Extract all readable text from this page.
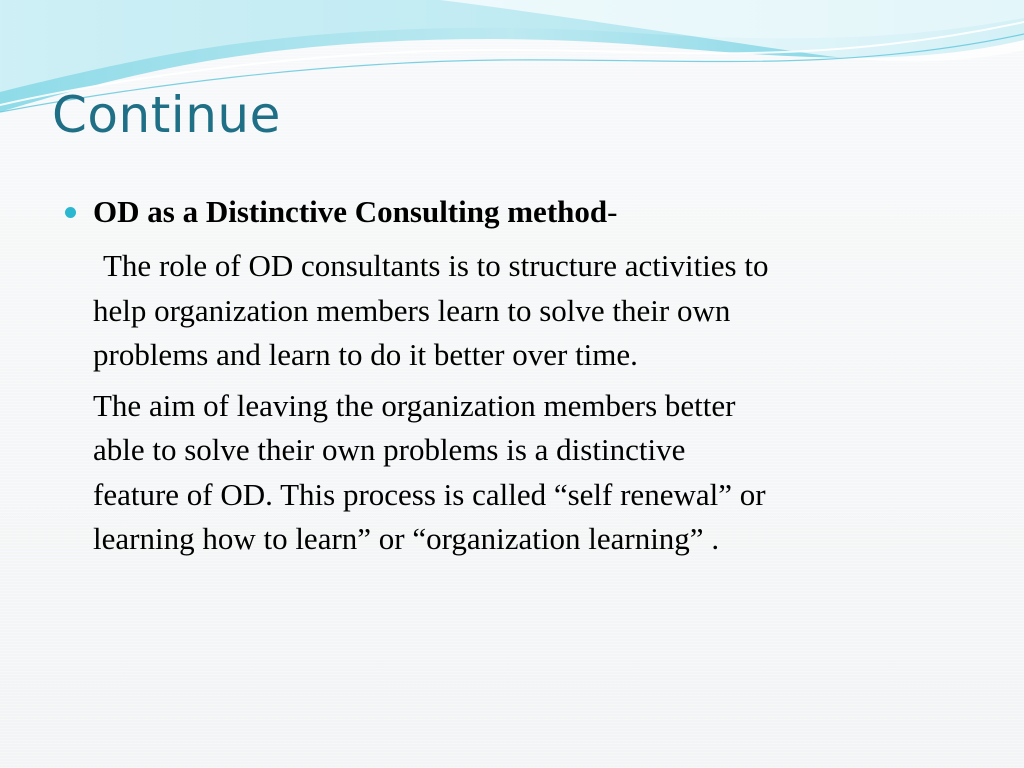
Continue

OD as a Distinctive Consulting method-

The role of OD consultants is to structure activities to
help organization members learn to solve their own
problems and learn to do it better over time.

The aim of leaving the organization members better
able to solve their own problems is a distinctive
feature of OD. This process is called “self renewal” or
learning how to learn” or “organization learning” .
